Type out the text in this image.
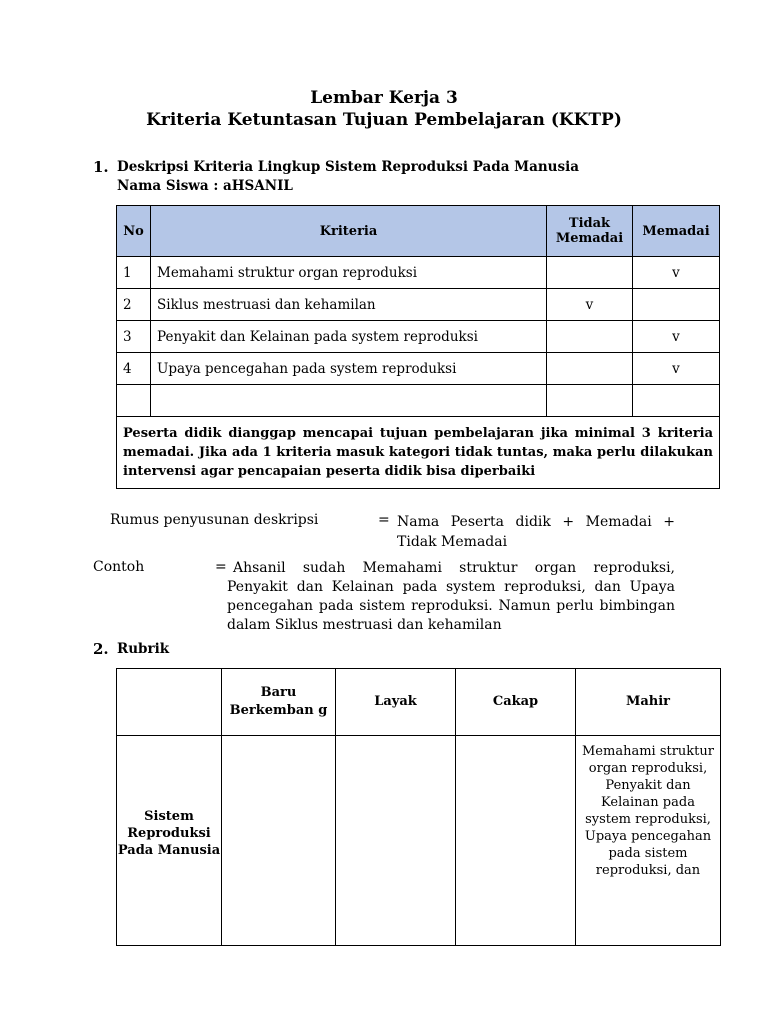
Lembar Kerja 3
Kriteria Ketuntasan Tujuan Pembelajaran (KKTP)
1. Deskripsi Kriteria Lingkup Sistem Reproduksi Pada Manusia
Nama Siswa : aHSANIL
No	Kriteria	Tidak Memadai	Memadai
1	Memahami struktur organ reproduksi		v
2	Siklus mestruasi dan kehamilan	v	
3	Penyakit dan Kelainan pada system reproduksi		v
4	Upaya pencegahan pada system reproduksi		v

Peserta didik dianggap mencapai tujuan pembelajaran jika minimal 3 kriteria memadai. Jika ada 1 kriteria masuk kategori tidak tuntas, maka perlu dilakukan intervensi agar pencapaian peserta didik bisa diperbaiki			
Rumus penyusunan deskripsi	= Nama Peserta didik + Memadai + Tidak Memadai
Contoh	= Ahsanil sudah Memahami struktur organ reproduksi, Penyakit dan Kelainan pada system reproduksi, dan Upaya pencegahan pada sistem reproduksi. Namun perlu bimbingan dalam Siklus mestruasi dan kehamilan
2. Rubrik
	Baru Berkemban g	Layak	Cakap	Mahir
Sistem Reproduksi Pada Manusia				Memahami struktur organ reproduksi, Penyakit dan Kelainan pada system reproduksi, Upaya pencegahan pada sistem reproduksi, dan
